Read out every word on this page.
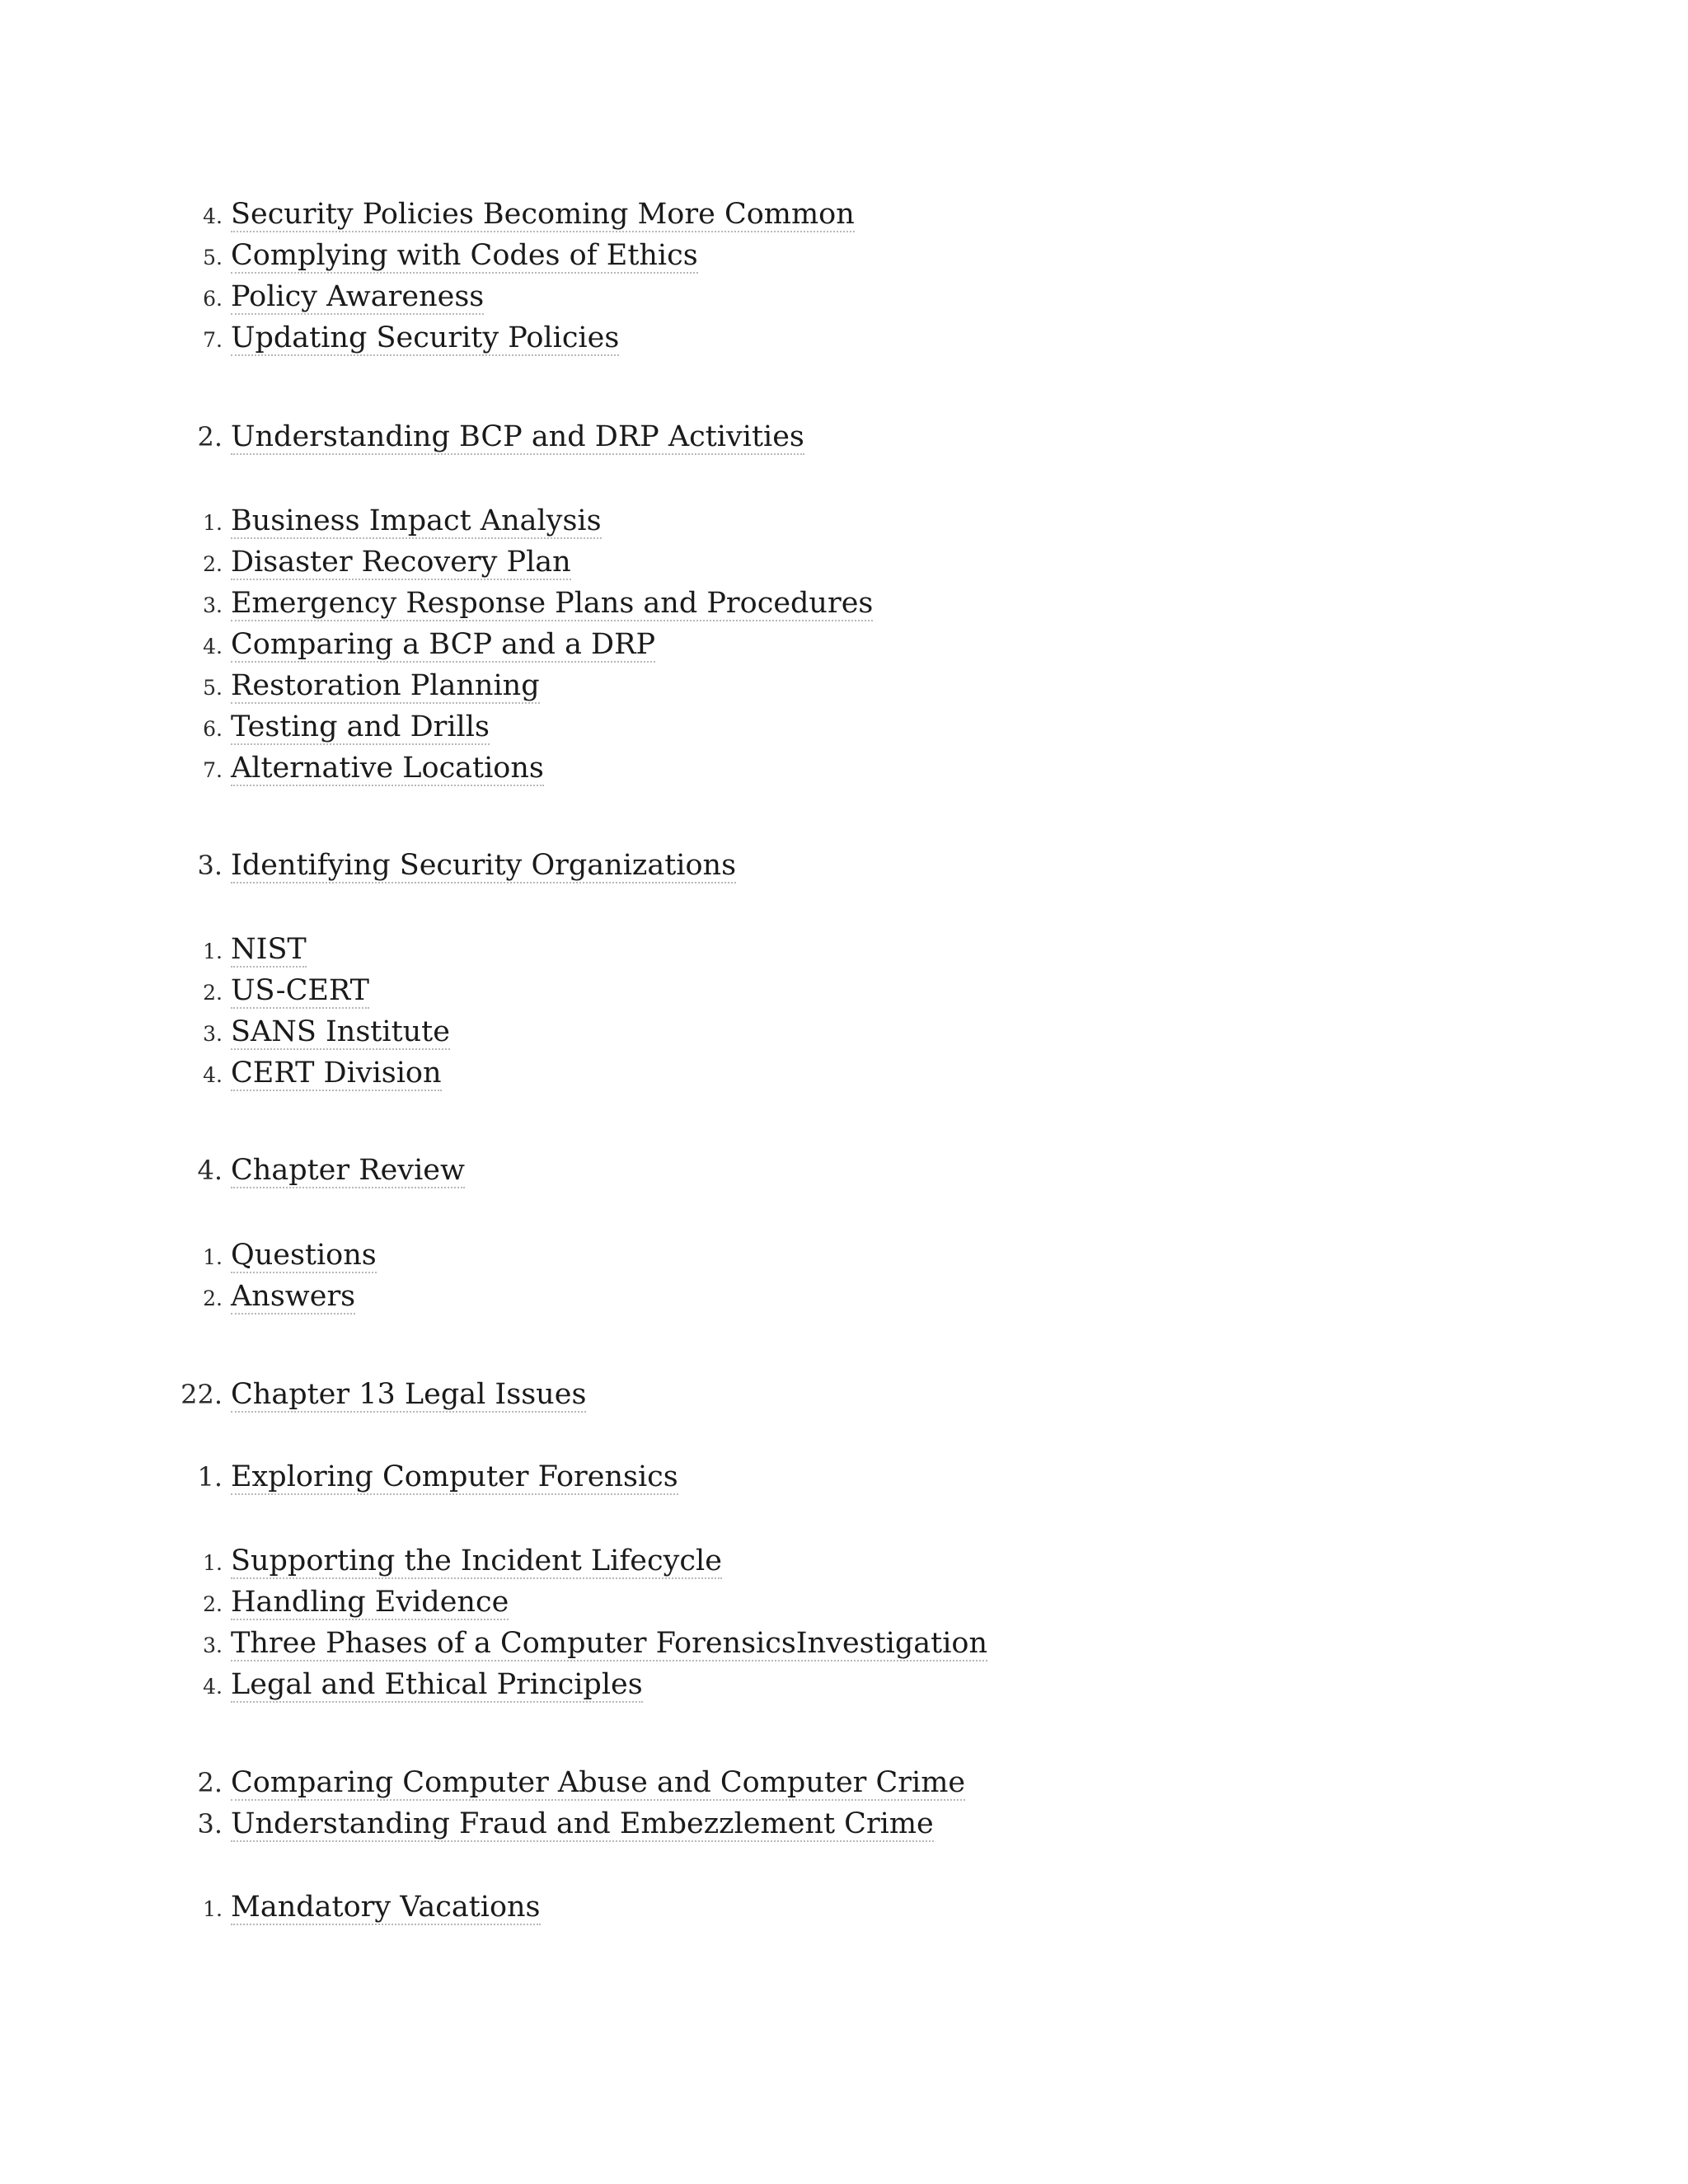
4. Security Policies Becoming More Common
5. Complying with Codes of Ethics
6. Policy Awareness
7. Updating Security Policies
2. Understanding BCP and DRP Activities
1. Business Impact Analysis
2. Disaster Recovery Plan
3. Emergency Response Plans and Procedures
4. Comparing a BCP and a DRP
5. Restoration Planning
6. Testing and Drills
7. Alternative Locations
3. Identifying Security Organizations
1. NIST
2. US-CERT
3. SANS Institute
4. CERT Division
4. Chapter Review
1. Questions
2. Answers
22. Chapter 13 Legal Issues
1. Exploring Computer Forensics
1. Supporting the Incident Lifecycle
2. Handling Evidence
3. Three Phases of a Computer ForensicsInvestigation
4. Legal and Ethical Principles
2. Comparing Computer Abuse and Computer Crime
3. Understanding Fraud and Embezzlement Crime
1. Mandatory Vacations
